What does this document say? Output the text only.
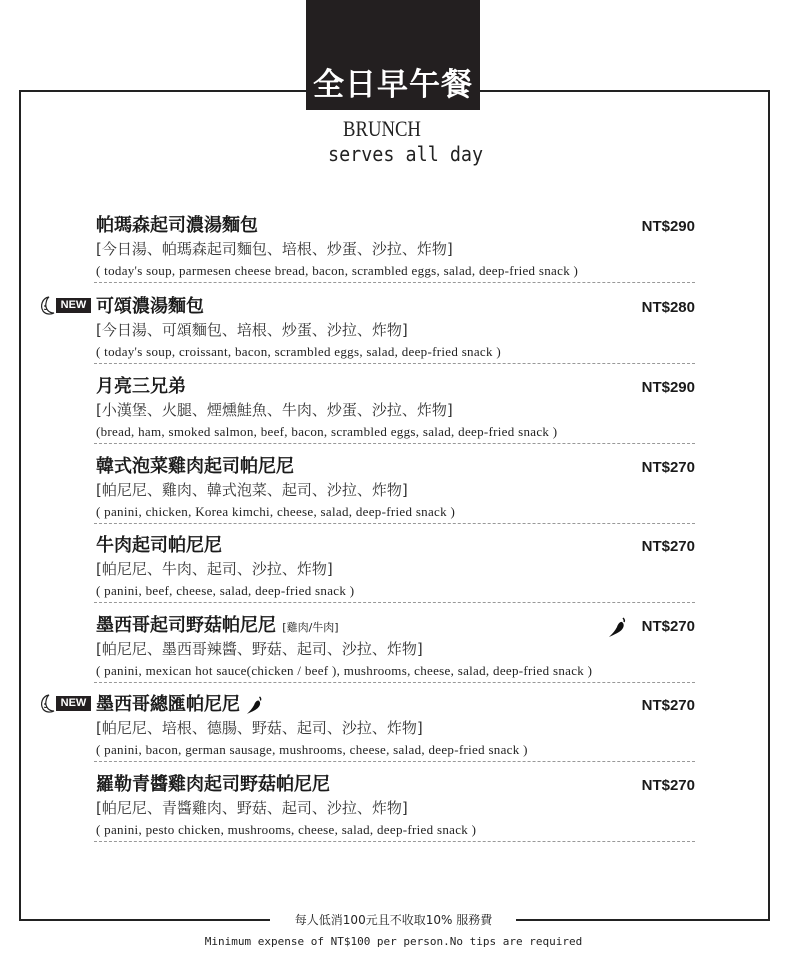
全日早午餐
BRUNCH
serves all day
帕瑪森起司濃湯麵包	NT$290
[今日湯、帕瑪森起司麵包、培根、炒蛋、沙拉、炸物]
( today's soup, parmesen cheese bread, bacon, scrambled eggs, salad, deep-fried snack )
NEW 可頌濃湯麵包	NT$280
[今日湯、可頌麵包、培根、炒蛋、沙拉、炸物]
( today's soup, croissant, bacon, scrambled eggs, salad, deep-fried snack )
月亮三兄弟	NT$290
[小漢堡、火腿、煙燻鮭魚、牛肉、炒蛋、沙拉、炸物]
(bread, ham, smoked salmon, beef, bacon, scrambled eggs, salad, deep-fried snack )
韓式泡菜雞肉起司帕尼尼	NT$270
[帕尼尼、雞肉、韓式泡菜、起司、沙拉、炸物]
( panini, chicken, Korea kimchi, cheese, salad, deep-fried snack )
牛肉起司帕尼尼	NT$270
[帕尼尼、牛肉、起司、沙拉、炸物]
( panini, beef, cheese, salad, deep-fried snack )
墨西哥起司野菇帕尼尼 [雞肉/牛肉]	NT$270
[帕尼尼、墨西哥辣醬、野菇、起司、沙拉、炸物]
( panini, mexican hot sauce(chicken / beef ), mushrooms, cheese, salad, deep-fried snack )
NEW 墨西哥總匯帕尼尼	NT$270
[帕尼尼、培根、德腸、野菇、起司、沙拉、炸物]
( panini, bacon, german sausage, mushrooms, cheese, salad, deep-fried snack )
羅勒青醬雞肉起司野菇帕尼尼	NT$270
[帕尼尼、青醬雞肉、野菇、起司、沙拉、炸物]
( panini, pesto chicken, mushrooms, cheese, salad, deep-fried snack )
每人低消100元且不收取10% 服務費
Minimum expense of NT$100 per person.No tips are required
